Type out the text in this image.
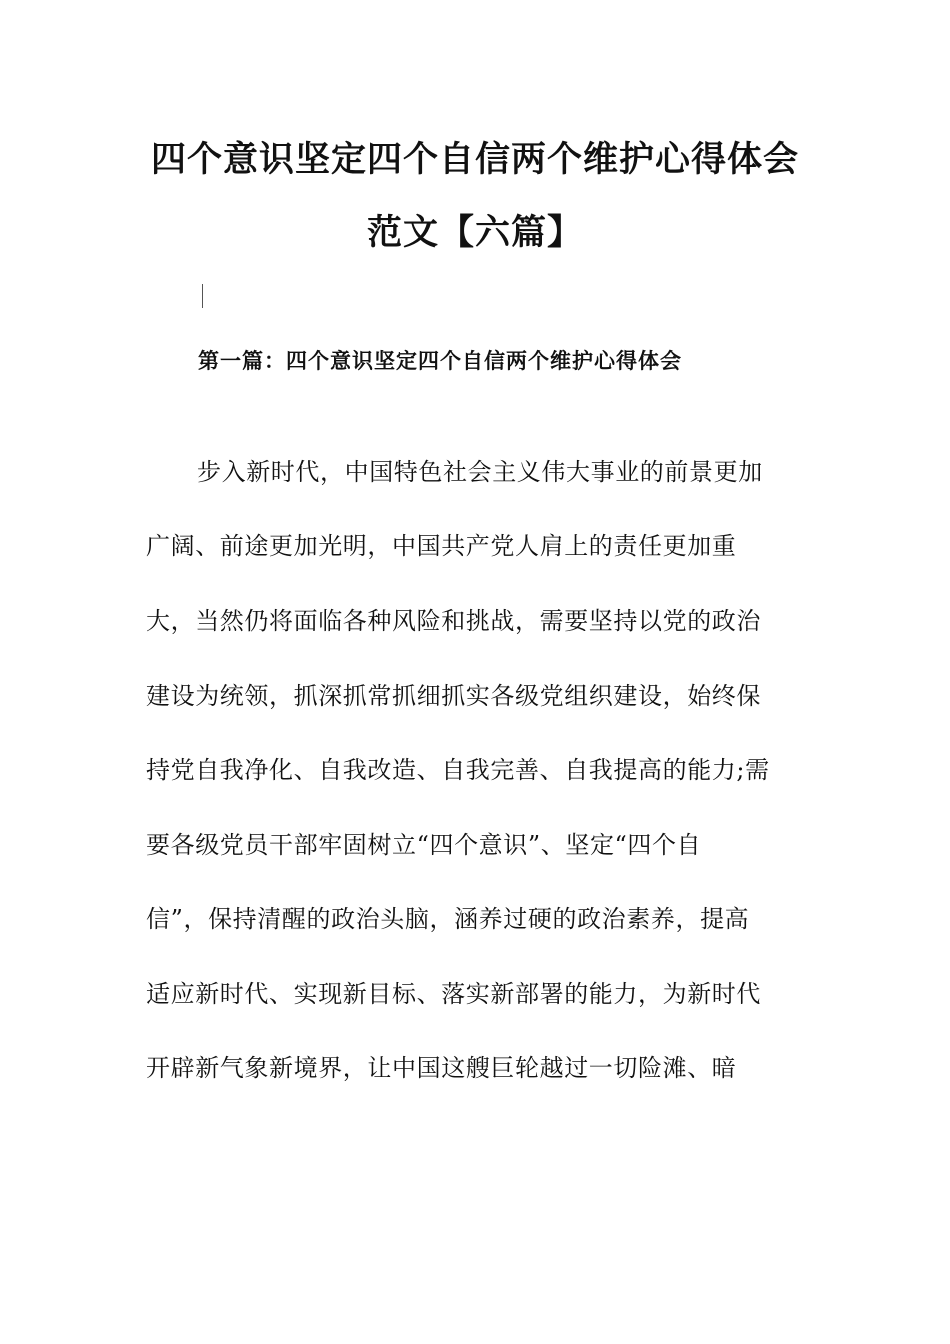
四个意识坚定四个自信两个维护心得体会
范文【六篇】
第一篇：四个意识坚定四个自信两个维护心得体会
步入新时代，中国特色社会主义伟大事业的前景更加
广阔、前途更加光明，中国共产党人肩上的责任更加重
大，当然仍将面临各种风险和挑战，需要坚持以党的政治
建设为统领，抓深抓常抓细抓实各级党组织建设，始终保
持党自我净化、自我改造、自我完善、自我提高的能力;需
要各级党员干部牢固树立“四个意识”、坚定“四个自
信”，保持清醒的政治头脑，涵养过硬的政治素养，提高
适应新时代、实现新目标、落实新部署的能力，为新时代
开辟新气象新境界，让中国这艘巨轮越过一切险滩、暗
